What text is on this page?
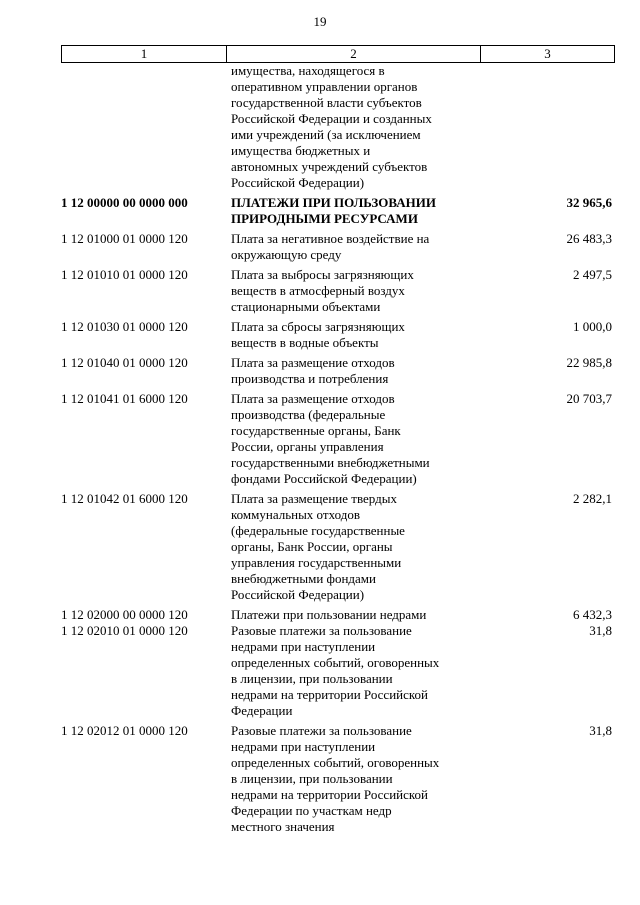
19
1	2	3
имущества, находящегося в
оперативном управлении органов
государственной власти субъектов
Российской Федерации и созданных
ими учреждений (за исключением
имущества бюджетных и
автономных учреждений субъектов
Российской Федерации)
1 12 00000 00 0000 000	ПЛАТЕЖИ ПРИ ПОЛЬЗОВАНИИ
ПРИРОДНЫМИ РЕСУРСАМИ
32 965,6
1 12 01000 01 0000 120	Плата за негативное воздействие на
окружающую среду
26 483,3
1 12 01010 01 0000 120	Плата за выбросы загрязняющих
веществ в атмосферный воздух
стационарными объектами
2 497,5
1 12 01030 01 0000 120	Плата за сбросы загрязняющих
веществ в водные объекты
1 000,0
1 12 01040 01 0000 120	Плата за размещение отходов
производства и потребления
22 985,8
1 12 01041 01 6000 120	Плата за размещение отходов
производства (федеральные
государственные органы, Банк
России, органы управления
государственными внебюджетными
фондами Российской Федерации)
20 703,7
1 12 01042 01 6000 120	Плата за размещение твердых
коммунальных отходов
(федеральные государственные
органы, Банк России, органы
управления государственными
внебюджетными фондами
Российской Федерации)
2 282,1
1 12 02000 00 0000 120	Платежи при пользовании недрами	6 432,3
1 12 02010 01 0000 120	Разовые платежи за пользование
недрами при наступлении
определенных событий, оговоренных
в лицензии, при пользовании
недрами на территории Российской
Федерации
31,8
1 12 02012 01 0000 120	Разовые платежи за пользование
недрами при наступлении
определенных событий, оговоренных
в лицензии, при пользовании
недрами на территории Российской
Федерации по участкам недр
местного значения
31,8
